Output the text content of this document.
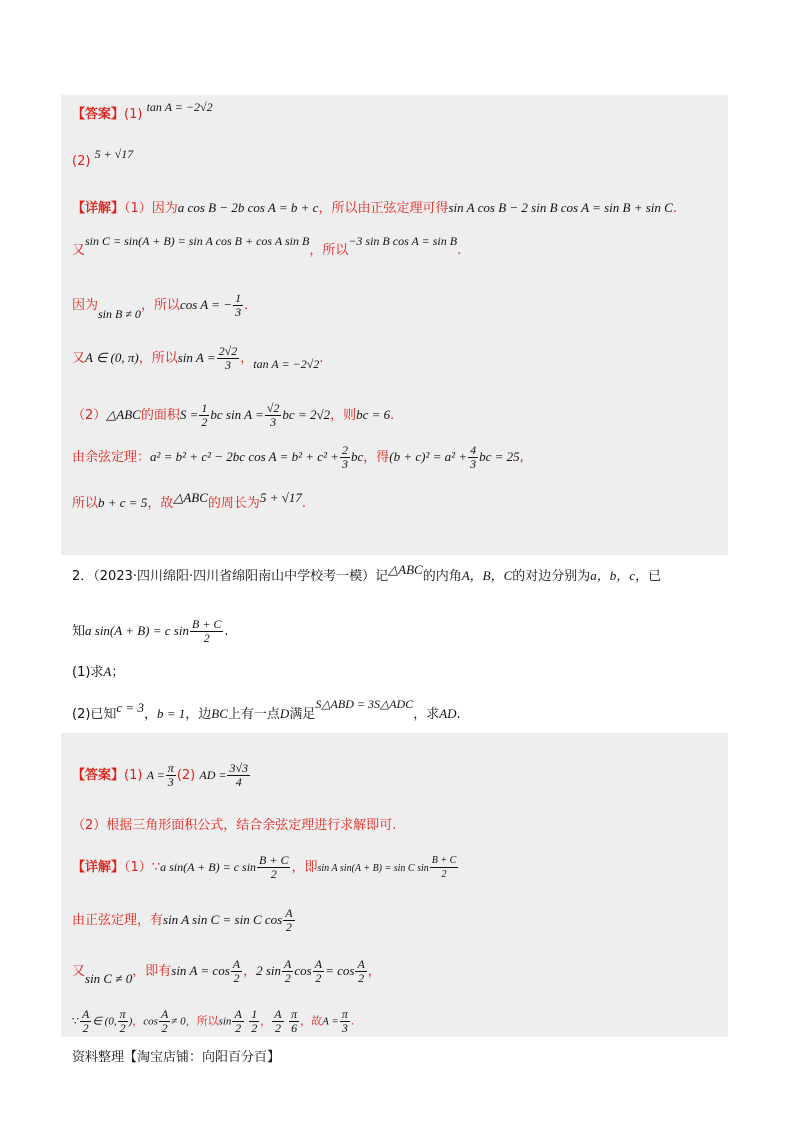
【答案】(1) tan A = −2√2
(2) 5 + √17
【详解】（1）因为a cos B − 2b cos A = b + c，所以由正弦定理可得sin A cos B − 2 sin B cos A = sin B + sin C.
又sin C = sin(A + B) = sin A cos B + cos A sin B，所以−3 sin B cos A = sin B.
因为sin B ≠ 0，所以cos A = − $\frac{1}{3}$ .
又A ∈ (0, π)，所以$\sin A = \frac{2√2}{3}$ ，tan A = −2√2.
（2）△ABC的面积$S = \frac{1}{2}$ bc $\sin A = \frac{√2}{3}$ bc = 2√2，则bc = 6.
由余弦定理：a² = b² + c² − 2bc $\cos A = b^2 + c^2 + \frac{2}{3}$ bc，得$(b + c)^2 = a^2 + \frac{4}{3}$ bc = 25,
所以b + c = 5，故△ABC的周长为5 + √17.
2．（2023·四川绵阳·四川省绵阳南山中学校考一模）记△ABC的内角A，B，C的对边分别为a，b，c，已
知a sin(A + B) = c $\sin \frac{B + C}{2}$ .
(1)求A；
(2)已知c = 3，b = 1，边BC上有一点D满足S△ABD = 3S△ADC，求AD.
【答案】(1) $A = \frac{\pi}{3} (2)$ AD = $\frac{3√3}{4}$
（2）根据三角形面积公式，结合余弦定理进行求解即可.
【详解】（1）∵a sin(A + B) = c $\sin \frac{B + C}{2}$ ，即sin A sin(A + B) = sin C $\sin \frac{B + C}{2}$
由正弦定理，有sin A sin C = sin C $\cos \frac{A}{2}$
又sin C ≠ 0，即有$\sin A = \cos \frac{A}{2}$ ，2 $\sin \frac{A}{2}$ $\cos \frac{A}{2} = \cos \frac{A}{2}$ ，
∵ $\frac{A}{2}$ ∈ (0, $\frac{\pi}{2}$ )，$\cos \frac{A}{2} \ne 0$，所以$\sin \frac{A}{2}$
$\frac{1}{2}$ ， $\frac{A}{2}$
$\frac{\pi}{6}$ ，故$A = \frac{\pi}{3}$ .
资料整理【淘宝店铺：向阳百分百】
